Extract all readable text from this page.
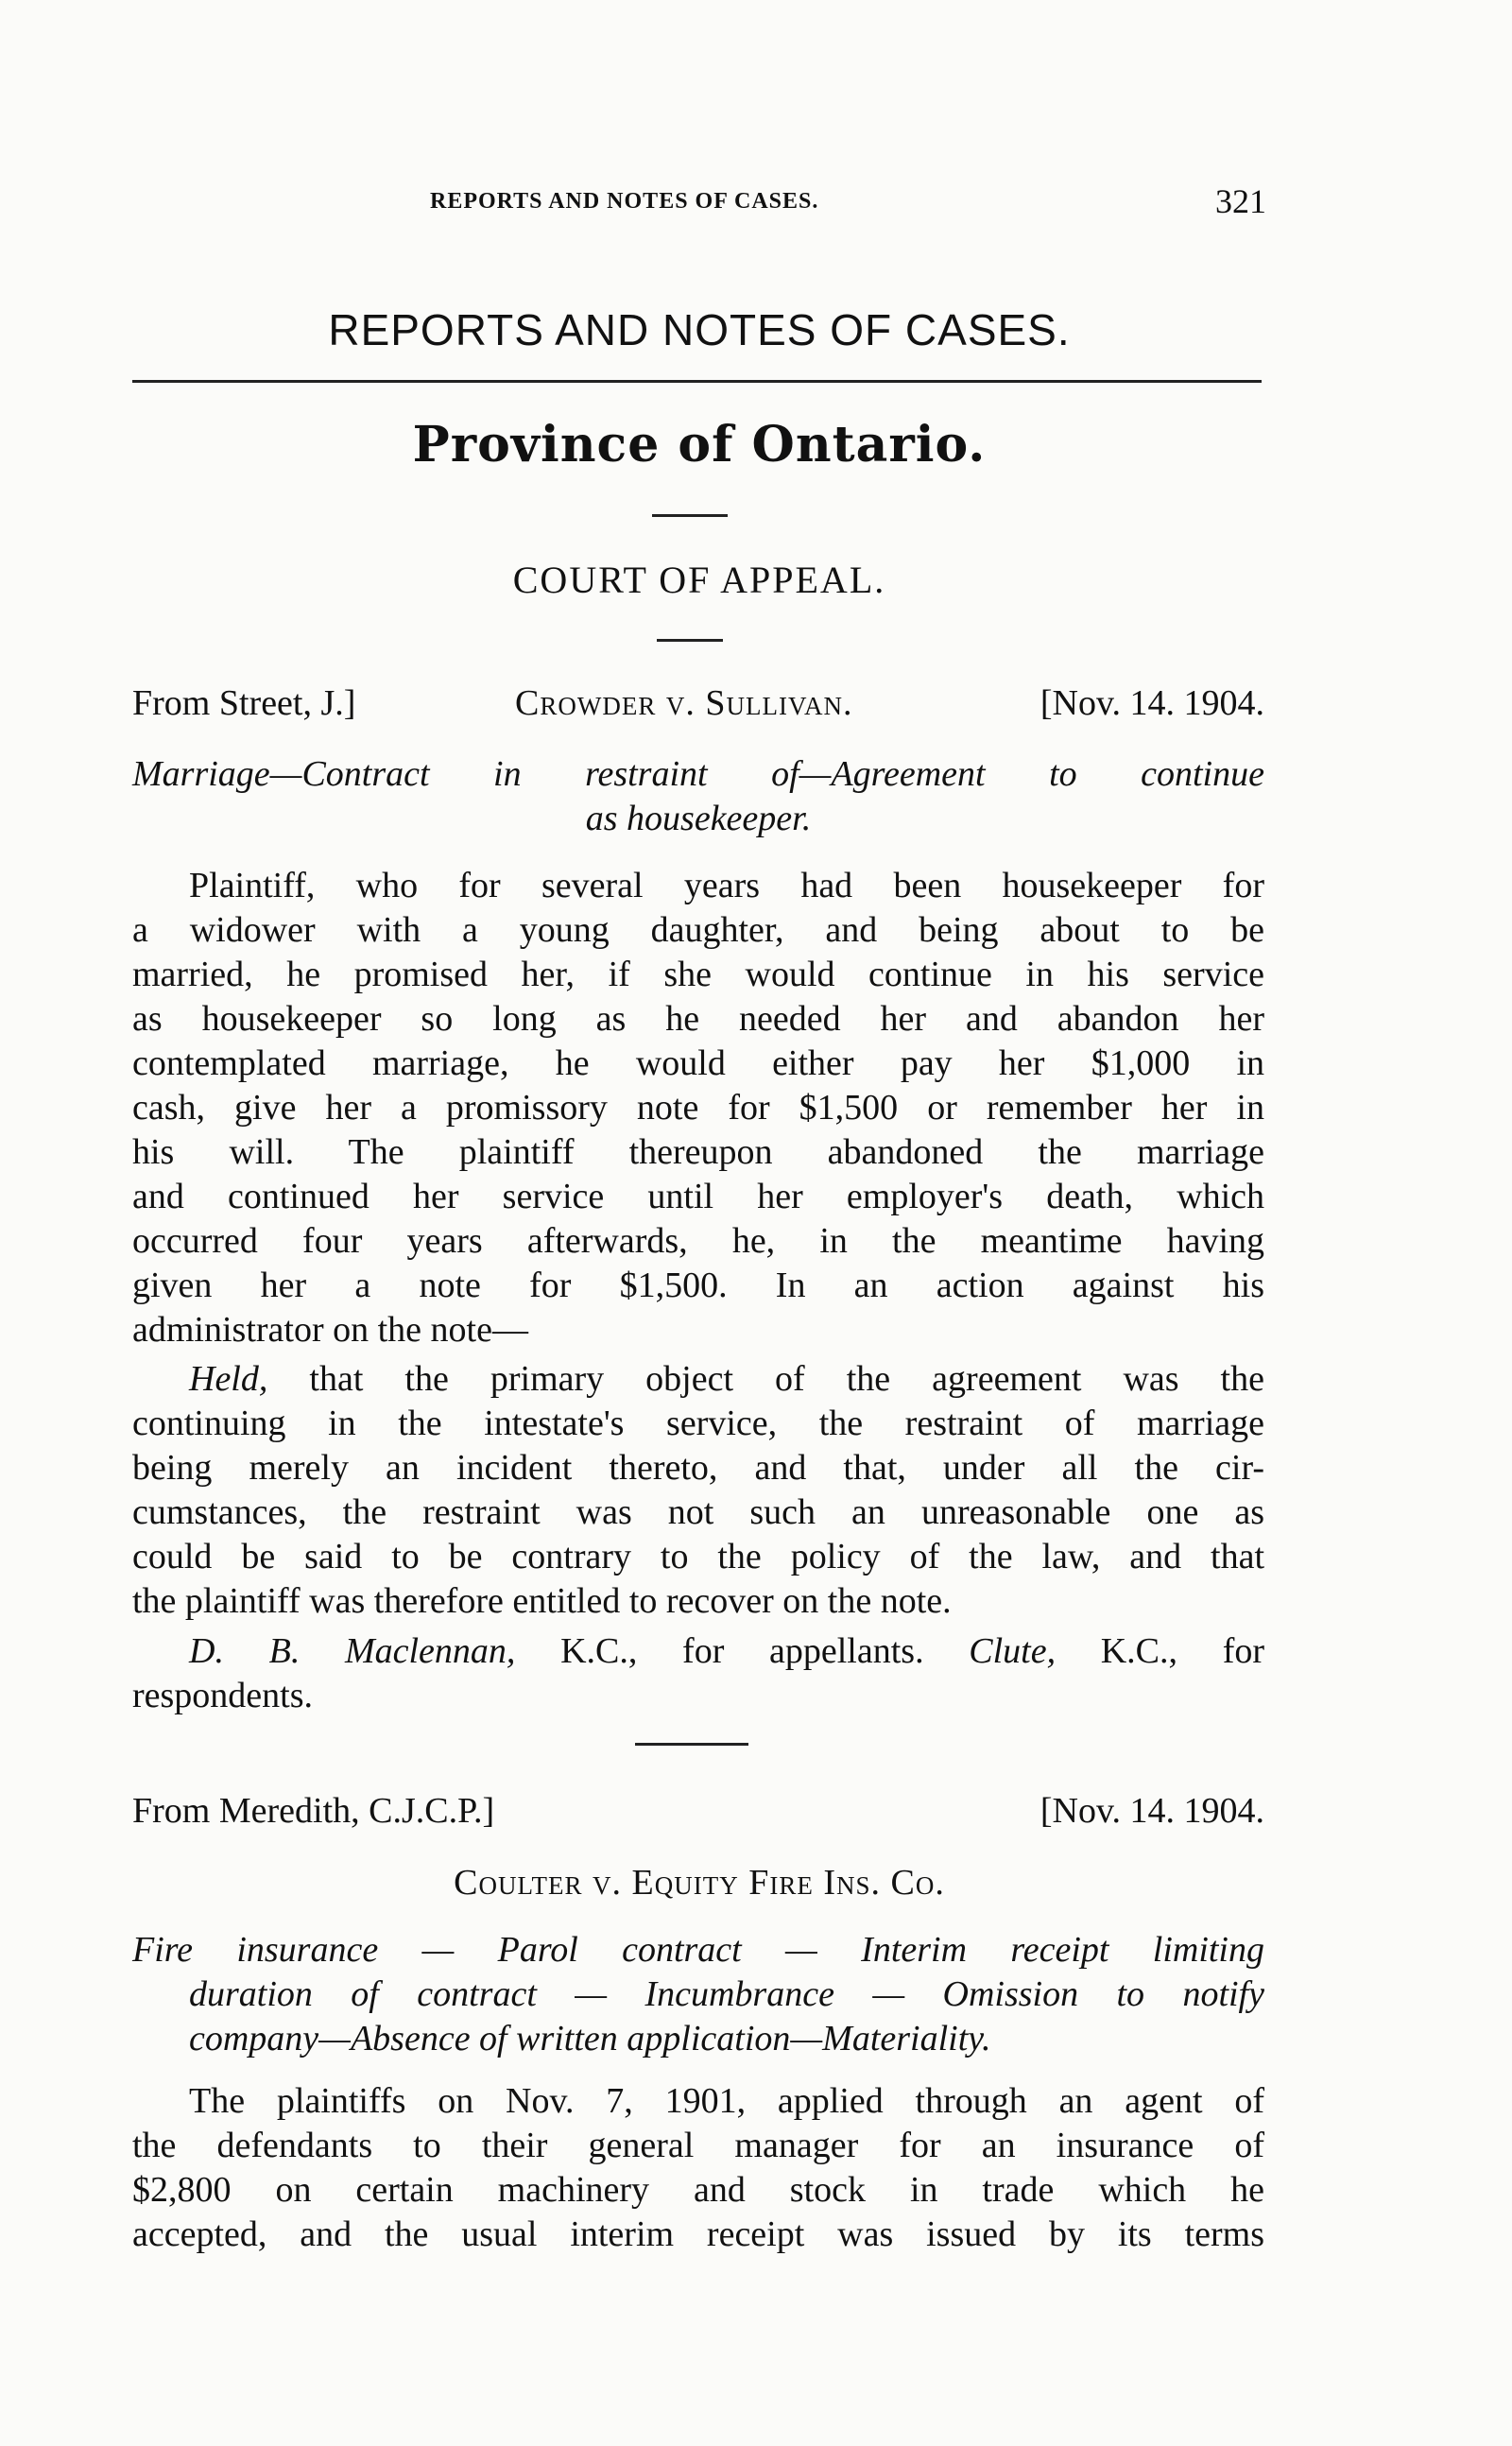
REPORTS AND NOTES OF CASES.	321
REPORTS AND NOTES OF CASES.
Province of Ontario.
COURT OF APPEAL.
From Street, J.]	Crowder v. Sullivan.	[Nov. 14. 1904.
Marriage—Contract in restraint of—Agreement to continue
as housekeeper.
Plaintiff, who for several years had been housekeeper for
a widower with a young daughter, and being about to be
married, he promised her, if she would continue in his service
as housekeeper so long as he needed her and abandon her
contemplated marriage, he would either pay her $1,000 in
cash, give her a promissory note for $1,500 or remember her in
his will. The plaintiff thereupon abandoned the marriage
and continued her service until her employer's death, which
occurred four years afterwards, he, in the meantime having
given her a note for $1,500. In an action against his
administrator on the note—
Held, that the primary object of the agreement was the
continuing in the intestate's service, the restraint of marriage
being merely an incident thereto, and that, under all the cir-
cumstances, the restraint was not such an unreasonable one as
could be said to be contrary to the policy of the law, and that
the plaintiff was therefore entitled to recover on the note.
D. B. Maclennan, K.C., for appellants. Clute, K.C., for
respondents.
From Meredith, C.J.C.P.]	[Nov. 14. 1904.
Coulter v. Equity Fire Ins. Co.
Fire insurance — Parol contract — Interim receipt limiting
duration of contract — Incumbrance — Omission to notify
company—Absence of written application—Materiality.
The plaintiffs on Nov. 7, 1901, applied through an agent of
the defendants to their general manager for an insurance of
$2,800 on certain machinery and stock in trade which he
accepted, and the usual interim receipt was issued by its terms
